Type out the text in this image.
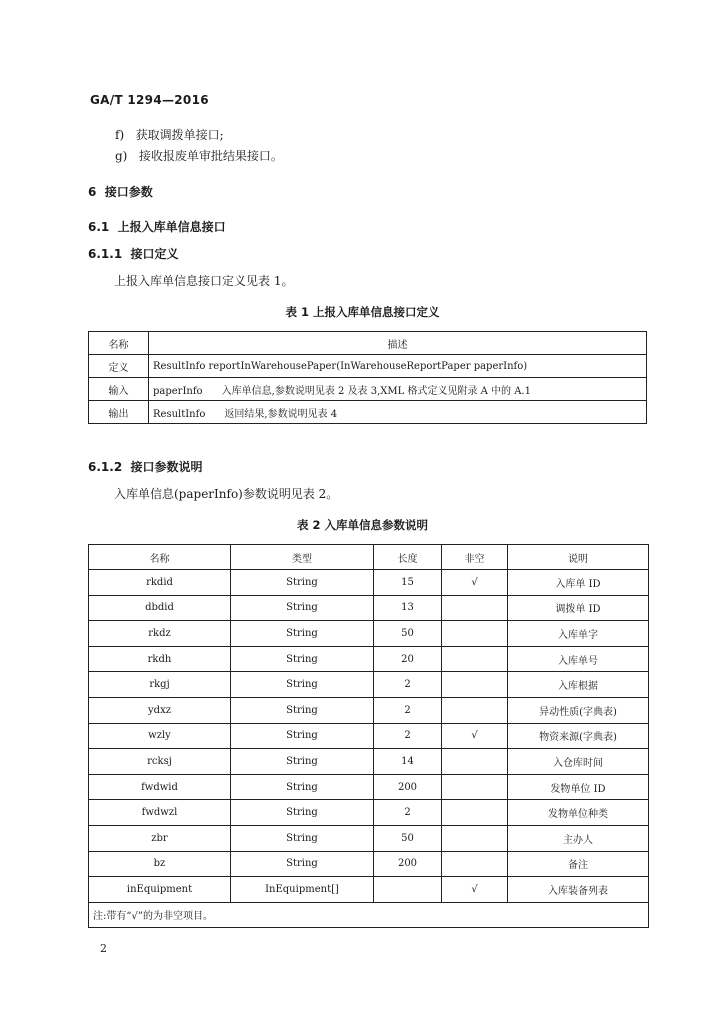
GA/T 1294—2016
f) 获取调拨单接口;
g) 接收报废单审批结果接口。
6 接口参数
6.1 上报入库单信息接口
6.1.1 接口定义
上报入库单信息接口定义见表 1。
表 1 上报入库单信息接口定义
名称	描述
定义	ResultInfo reportInWarehousePaper(InWarehouseReportPaper paperInfo)
输入	paperInfo      入库单信息,参数说明见表 2 及表 3,XML 格式定义见附录 A 中的 A.1
输出	ResultInfo      返回结果,参数说明见表 4
6.1.2 接口参数说明
入库单信息(paperInfo)参数说明见表 2。
表 2 入库单信息参数说明
名称	类型	长度	非空	说明
rkdid	String	15	√	入库单 ID
dbdid	String	13		调拨单 ID
rkdz	String	50		入库单字
rkdh	String	20		入库单号
rkgj	String	2		入库根据
ydxz	String	2		异动性质(字典表)
wzly	String	2	√	物资来源(字典表)
rcksj	String	14		入仓库时间
fwdwid	String	200		发物单位 ID
fwdwzl	String	2		发物单位种类
zbr	String	50		主办人
bz	String	200		备注
inEquipment	InEquipment[]		√	入库装备列表
注:带有“√”的为非空项目。				
2
